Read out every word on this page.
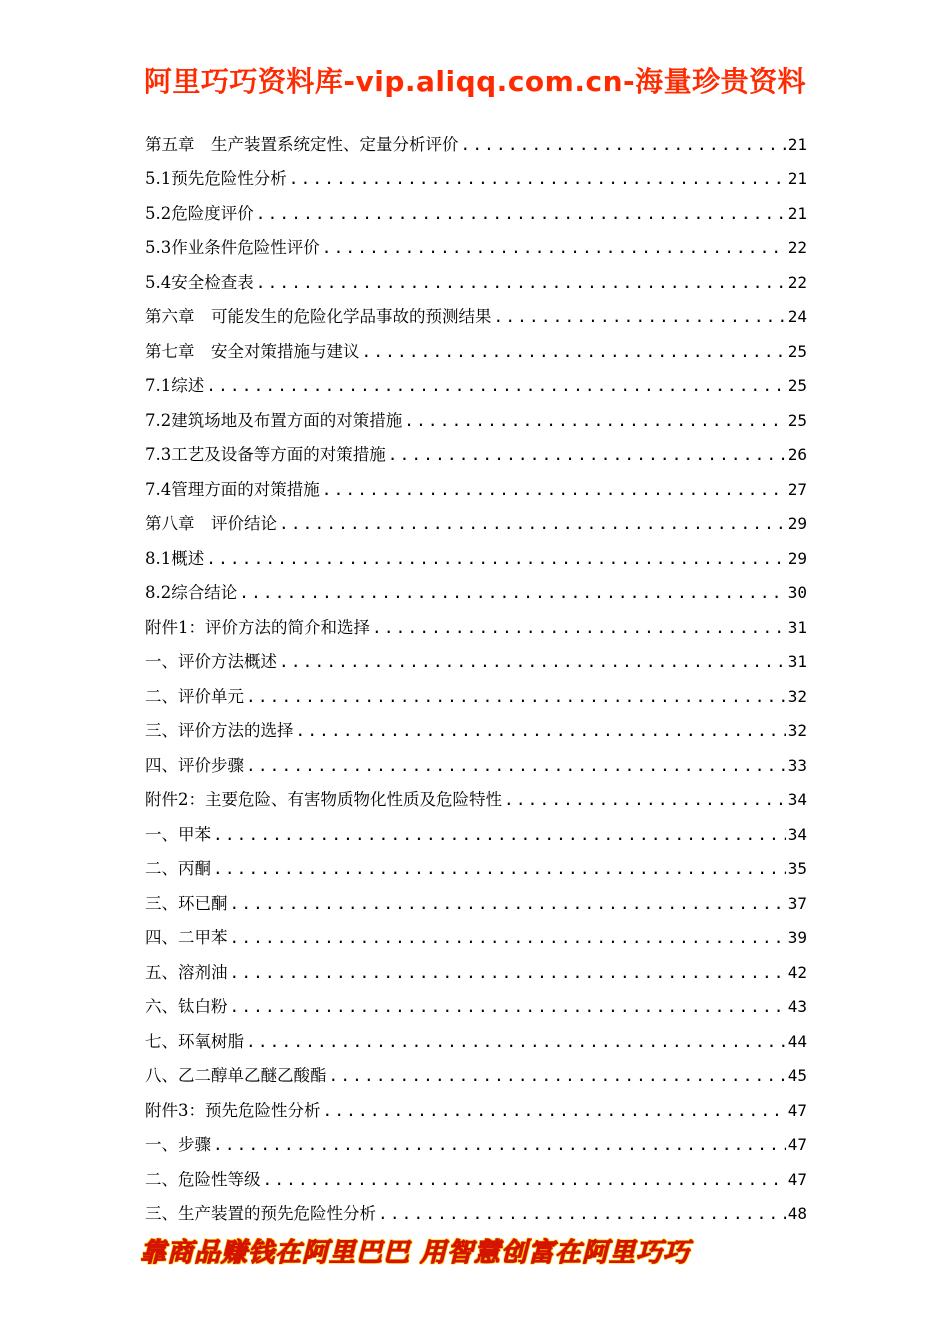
阿里巧巧资料库-vip.aliqq.com.cn-海量珍贵资料
第五章　生产装置系统定性、定量分析评价 .....	21
5.1预先危险性分析 .....	21
5.2危险度评价 .....	21
5.3作业条件危险性评价 .....	22
5.4安全检查表 .....	22
第六章　可能发生的危险化学品事故的预测结果 .....	24
第七章　安全对策措施与建议 .....	25
7.1综述 .....	25
7.2建筑场地及布置方面的对策措施 .....	25
7.3工艺及设备等方面的对策措施 .....	26
7.4管理方面的对策措施 .....	27
第八章　评价结论 .....	29
8.1概述 .....	29
8.2综合结论 .....	30
附件1：评价方法的简介和选择 .....	31
一、评价方法概述 .....	31
二、评价单元 .....	32
三、评价方法的选择 .....	32
四、评价步骤 .....	33
附件2：主要危险、有害物质物化性质及危险特性 .....	34
一、甲苯 .....	34
二、丙酮 .....	35
三、环已酮 .....	37
四、二甲苯 .....	39
五、溶剂油 .....	42
六、钛白粉 .....	43
七、环氧树脂 .....	44
八、乙二醇单乙醚乙酸酯 .....	45
附件3：预先危险性分析 .....	47
一、步骤 .....	47
二、危险性等级 .....	47
三、生产装置的预先危险性分析 .....	48
靠商品赚钱在阿里巴巴 用智慧创富在阿里巧巧
